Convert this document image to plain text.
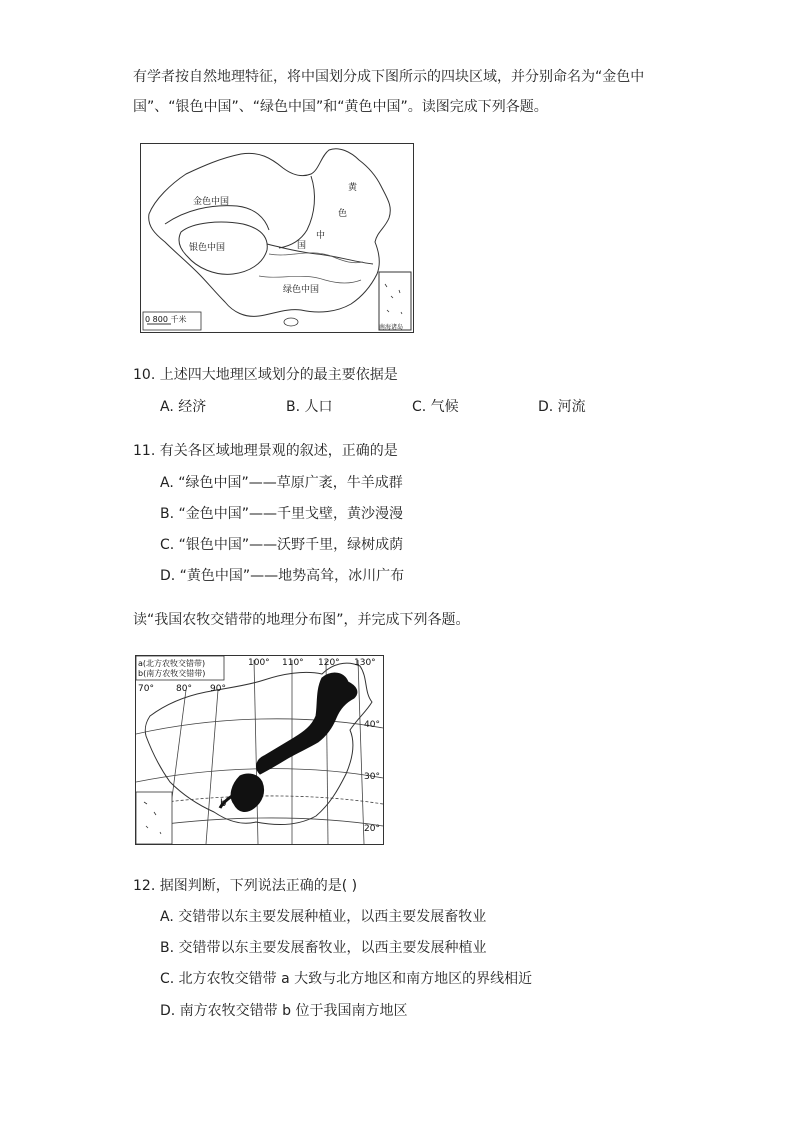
有学者按自然地理特征，将中国划分成下图所示的四块区域，并分别命名为“金色中
国”、“银色中国”、“绿色中国”和“黄色中国”。读图完成下列各题。
金色中国
银色中国
绿色中国
黄
色
中
国
0 800 千米
南海诸岛
10. 上述四大地理区域划分的最主要依据是
A. 经济	B. 人口	C. 气候	D. 河流
11. 有关各区域地理景观的叙述，正确的是
A. “绿色中国”——草原广袤，牛羊成群
B. “金色中国”——千里戈壁，黄沙漫漫
C. “银色中国”——沃野千里，绿树成荫
D. “黄色中国”——地势高耸，冰川广布
读“我国农牧交错带的地理分布图”，并完成下列各题。
a(北方农牧交错带)
b(南方农牧交错带)
100° 110° 120° 130°
70° 80° 90°
40°
30°
20°
a
b
12. 据图判断，下列说法正确的是( )
A. 交错带以东主要发展种植业，以西主要发展畜牧业
B. 交错带以东主要发展畜牧业，以西主要发展种植业
C. 北方农牧交错带 a 大致与北方地区和南方地区的界线相近
D. 南方农牧交错带 b 位于我国南方地区
